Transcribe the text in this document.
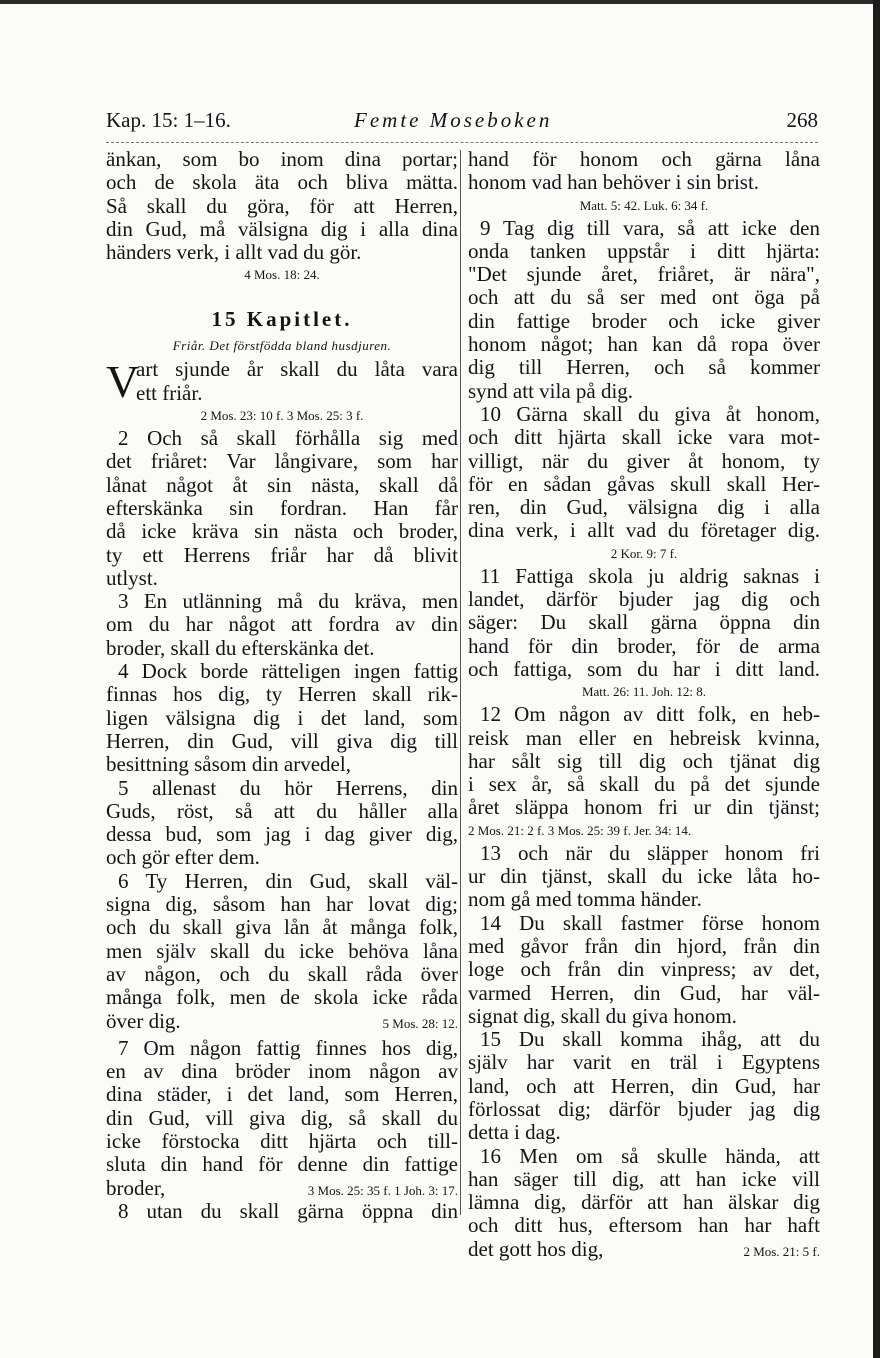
Kap. 15: 1–16.	Femte Moseboken	268
änkan, som bo inom dina portar;
och de skola äta och bliva mätta.
Så skall du göra, för att Herren,
din Gud, må välsigna dig i alla dina
händers verk, i allt vad du gör.
4 Mos. 18: 24.
15 Kapitlet.
Friår. Det förstfödda bland husdjuren.
V
art sjunde år skall du låta vara
ett friår.
2 Mos. 23: 10 f. 3 Mos. 25: 3 f.
2 Och så skall förhålla sig med
det friåret: Var långivare, som har
lånat något åt sin nästa, skall då
efterskänka sin fordran. Han får
då icke kräva sin nästa och broder,
ty ett Herrens friår har då blivit
utlyst.
3 En utlänning må du kräva, men
om du har något att fordra av din
broder, skall du efterskänka det.
4 Dock borde rätteligen ingen fattig
finnas hos dig, ty Herren skall rik-
ligen välsigna dig i det land, som
Herren, din Gud, vill giva dig till
besittning såsom din arvedel,
5 allenast du hör Herrens, din
Guds, röst, så att du håller alla
dessa bud, som jag i dag giver dig,
och gör efter dem.
6 Ty Herren, din Gud, skall väl-
signa dig, såsom han har lovat dig;
och du skall giva lån åt många folk,
men själv skall du icke behöva låna
av någon, och du skall råda över
många folk, men de skola icke råda
över dig.	5 Mos. 28: 12.
7 Om någon fattig finnes hos dig,
en av dina bröder inom någon av
dina städer, i det land, som Herren,
din Gud, vill giva dig, så skall du
icke förstocka ditt hjärta och till-
sluta din hand för denne din fattige
broder,	3 Mos. 25: 35 f. 1 Joh. 3: 17.
8 utan du skall gärna öppna din
hand för honom och gärna låna
honom vad han behöver i sin brist.
Matt. 5: 42. Luk. 6: 34 f.
9 Tag dig till vara, så att icke den
onda tanken uppstår i ditt hjärta:
"Det sjunde året, friåret, är nära",
och att du så ser med ont öga på
din fattige broder och icke giver
honom något; han kan då ropa över
dig till Herren, och så kommer
synd att vila på dig.
10 Gärna skall du giva åt honom,
och ditt hjärta skall icke vara mot-
villigt, när du giver åt honom, ty
för en sådan gåvas skull skall Her-
ren, din Gud, välsigna dig i alla
dina verk, i allt vad du företager dig.
2 Kor. 9: 7 f.
11 Fattiga skola ju aldrig saknas i
landet, därför bjuder jag dig och
säger: Du skall gärna öppna din
hand för din broder, för de arma
och fattiga, som du har i ditt land.
Matt. 26: 11. Joh. 12: 8.
12 Om någon av ditt folk, en heb-
reisk man eller en hebreisk kvinna,
har sålt sig till dig och tjänat dig
i sex år, så skall du på det sjunde
året släppa honom fri ur din tjänst;
2 Mos. 21: 2 f. 3 Mos. 25: 39 f. Jer. 34: 14.
13 och när du släpper honom fri
ur din tjänst, skall du icke låta ho-
nom gå med tomma händer.
14 Du skall fastmer förse honom
med gåvor från din hjord, från din
loge och från din vinpress; av det,
varmed Herren, din Gud, har väl-
signat dig, skall du giva honom.
15 Du skall komma ihåg, att du
själv har varit en träl i Egyptens
land, och att Herren, din Gud, har
förlossat dig; därför bjuder jag dig
detta i dag.
16 Men om så skulle hända, att
han säger till dig, att han icke vill
lämna dig, därför att han älskar dig
och ditt hus, eftersom han har haft
det gott hos dig,	2 Mos. 21: 5 f.
